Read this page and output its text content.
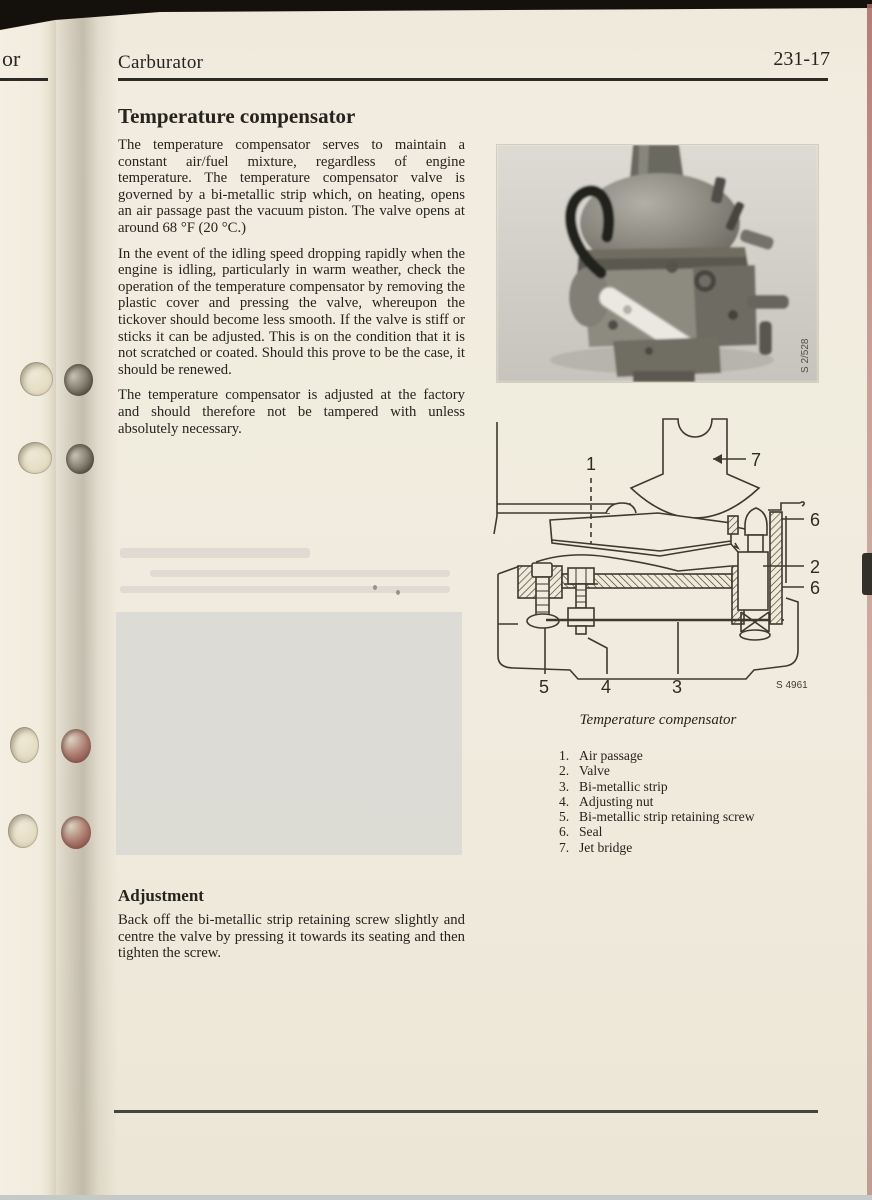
or	Carburator	231-17
Temperature compensator

The temperature compensator serves to maintain a constant air/fuel mixture, regardless of engine temperature. The temperature compensator valve is governed by a bi-metallic strip which, on heating, opens an air passage past the vacuum piston. The valve opens at around 68 °F (20 °C.)

In the event of the idling speed dropping rapidly when the engine is idling, particularly in warm weather, check the operation of the temperature compensator by removing the plastic cover and pressing the valve, whereupon the tickover should become less smooth. If the valve is stiff or sticks it can be adjusted. This is on the condition that it is not scratched or coated. Should this prove to be the case, it should be renewed.

The temperature compensator is adjusted at the factory and should therefore not be tampered with unless absolutely necessary.

S 2/528
1	7
6
2
6
5	4	3	S 4961
Temperature compensator
1. Air passage
2. Valve
3. Bi-metallic strip
4. Adjusting nut
5. Bi-metallic strip retaining screw
6. Seal
7. Jet bridge
Adjustment
Back off the bi-metallic strip retaining screw slightly and centre the valve by pressing it towards its seating and then tighten the screw.
